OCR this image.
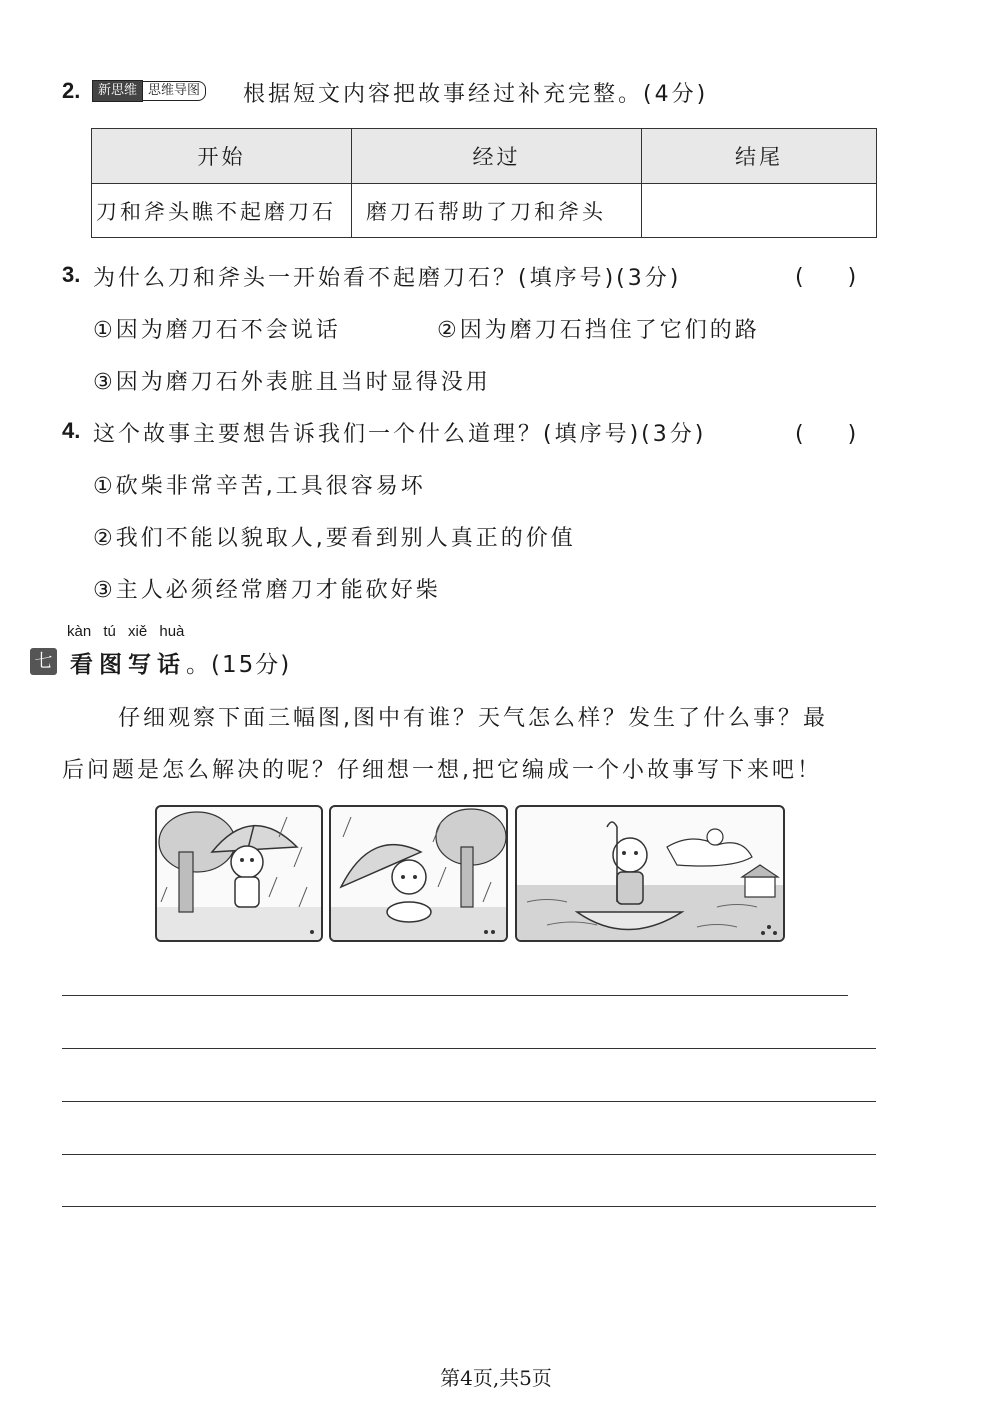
2.	新思维 思维导图 根据短文内容把故事经过补充完整。(4分)
开始	经过	结尾
刀和斧头瞧不起磨刀石	磨刀石帮助了刀和斧头	
3. 为什么刀和斧头一开始看不起磨刀石？(填序号)(3分)	(　　)
①因为磨刀石不会说话	②因为磨刀石挡住了它们的路
③因为磨刀石外表脏且当时显得没用
4. 这个故事主要想告诉我们一个什么道理？(填序号)(3分)	(　　)
①砍柴非常辛苦,工具很容易坏
②我们不能以貌取人,要看到别人真正的价值
③主人必须经常磨刀才能砍好柴
kàn tú xiě huà
七 看图写话。(15分)
仔细观察下面三幅图,图中有谁？天气怎么样？发生了什么事？最
后问题是怎么解决的呢？仔细想一想,把它编成一个小故事写下来吧！
第4页,共5页
